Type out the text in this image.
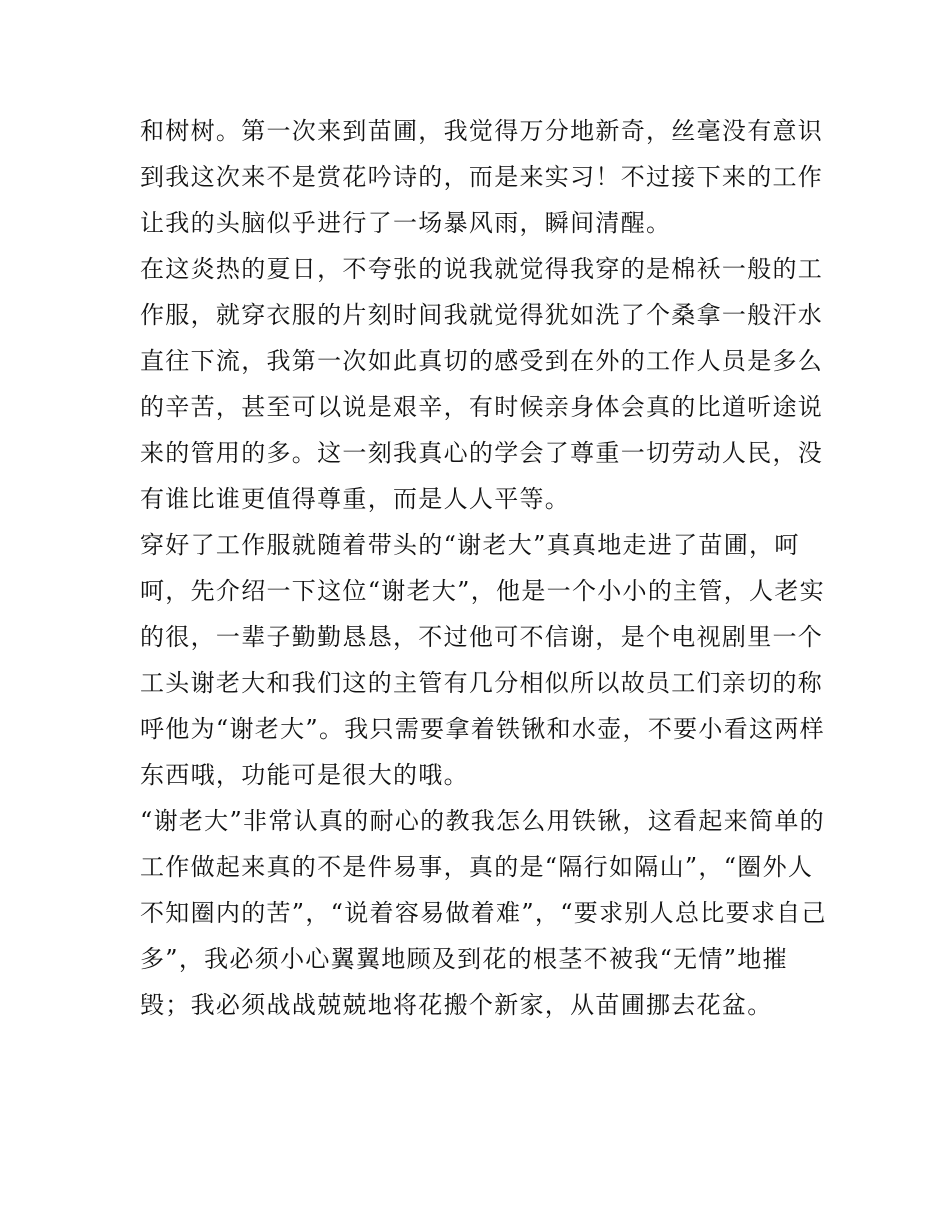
和树树。第一次来到苗圃，我觉得万分地新奇，丝毫没有意识
到我这次来不是赏花吟诗的，而是来实习！不过接下来的工作
让我的头脑似乎进行了一场暴风雨，瞬间清醒。
在这炎热的夏日，不夸张的说我就觉得我穿的是棉袄一般的工
作服，就穿衣服的片刻时间我就觉得犹如洗了个桑拿一般汗水
直往下流，我第一次如此真切的感受到在外的工作人员是多么
的辛苦，甚至可以说是艰辛，有时候亲身体会真的比道听途说
来的管用的多。这一刻我真心的学会了尊重一切劳动人民，没
有谁比谁更值得尊重，而是人人平等。
穿好了工作服就随着带头的“谢老大”真真地走进了苗圃，呵
呵，先介绍一下这位“谢老大”，他是一个小小的主管，人老实
的很，一辈子勤勤恳恳，不过他可不信谢，是个电视剧里一个
工头谢老大和我们这的主管有几分相似所以故员工们亲切的称
呼他为“谢老大”。我只需要拿着铁锹和水壶，不要小看这两样
东西哦，功能可是很大的哦。
“谢老大”非常认真的耐心的教我怎么用铁锹，这看起来简单的
工作做起来真的不是件易事，真的是“隔行如隔山”，“圈外人
不知圈内的苦”，“说着容易做着难”，“要求别人总比要求自己
多”，我必须小心翼翼地顾及到花的根茎不被我“无情”地摧
毁；我必须战战兢兢地将花搬个新家，从苗圃挪去花盆。
